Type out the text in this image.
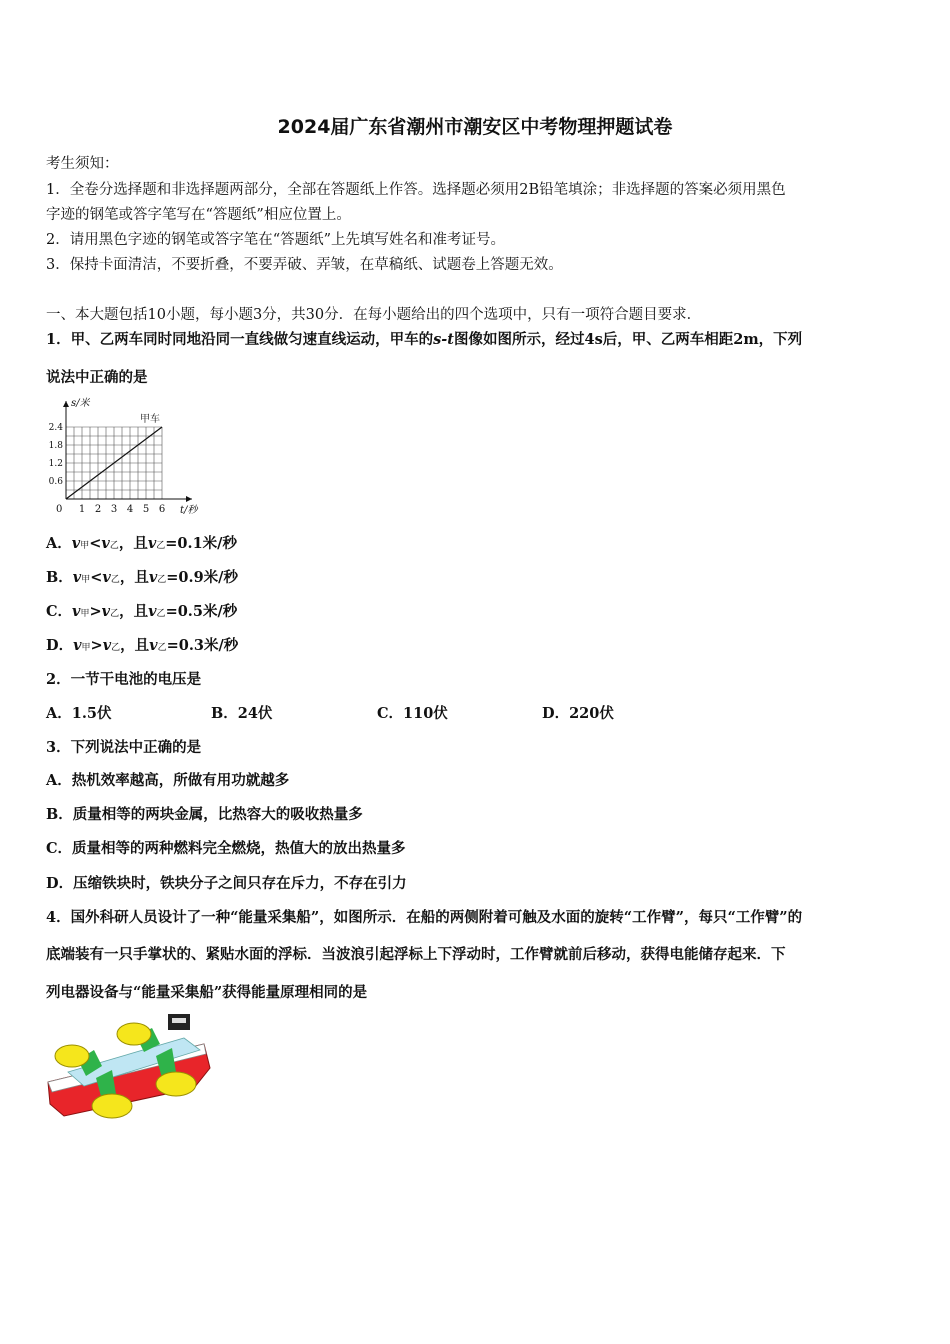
2024届广东省潮州市潮安区中考物理押题试卷
考生须知：
1．全卷分选择题和非选择题两部分，全部在答题纸上作答。选择题必须用2B铅笔填涂；非选择题的答案必须用黑色
字迹的钢笔或答字笔写在“答题纸”相应位置上。
2．请用黑色字迹的钢笔或答字笔在“答题纸”上先填写姓名和准考证号。
3．保持卡面清洁，不要折叠，不要弄破、弄皱，在草稿纸、试题卷上答题无效。
一、本大题包括10小题，每小题3分，共30分．在每小题给出的四个选项中，只有一项符合题目要求．
1．甲、乙两车同时同地沿同一直线做匀速直线运动，甲车的s-t图像如图所示，经过4s后，甲、乙两车相距2m，下列
说法中正确的是
1 2 3 4 5 6
0.6
1.2
1.8
2.4
0	t/秒
s/米
甲车
A．v甲<v乙，且v乙=0.1米/秒
B．v甲<v乙，且v乙=0.9米/秒
C．v甲>v乙，且v乙=0.5米/秒
D．v甲>v乙，且v乙=0.3米/秒
2．一节干电池的电压是
A．1.5伏	B．24伏	C．110伏	D．220伏
3．下列说法中正确的是
A．热机效率越高，所做有用功就越多
B．质量相等的两块金属，比热容大的吸收热量多
C．质量相等的两种燃料完全燃烧，热值大的放出热量多
D．压缩铁块时，铁块分子之间只存在斥力，不存在引力
4．国外科研人员设计了一种“能量采集船”，如图所示．在船的两侧附着可触及水面的旋转“工作臂”，每只“工作臂”的
底端装有一只手掌状的、紧贴水面的浮标．当波浪引起浮标上下浮动时，工作臂就前后移动，获得电能储存起来．下
列电器设备与“能量采集船”获得能量原理相同的是
